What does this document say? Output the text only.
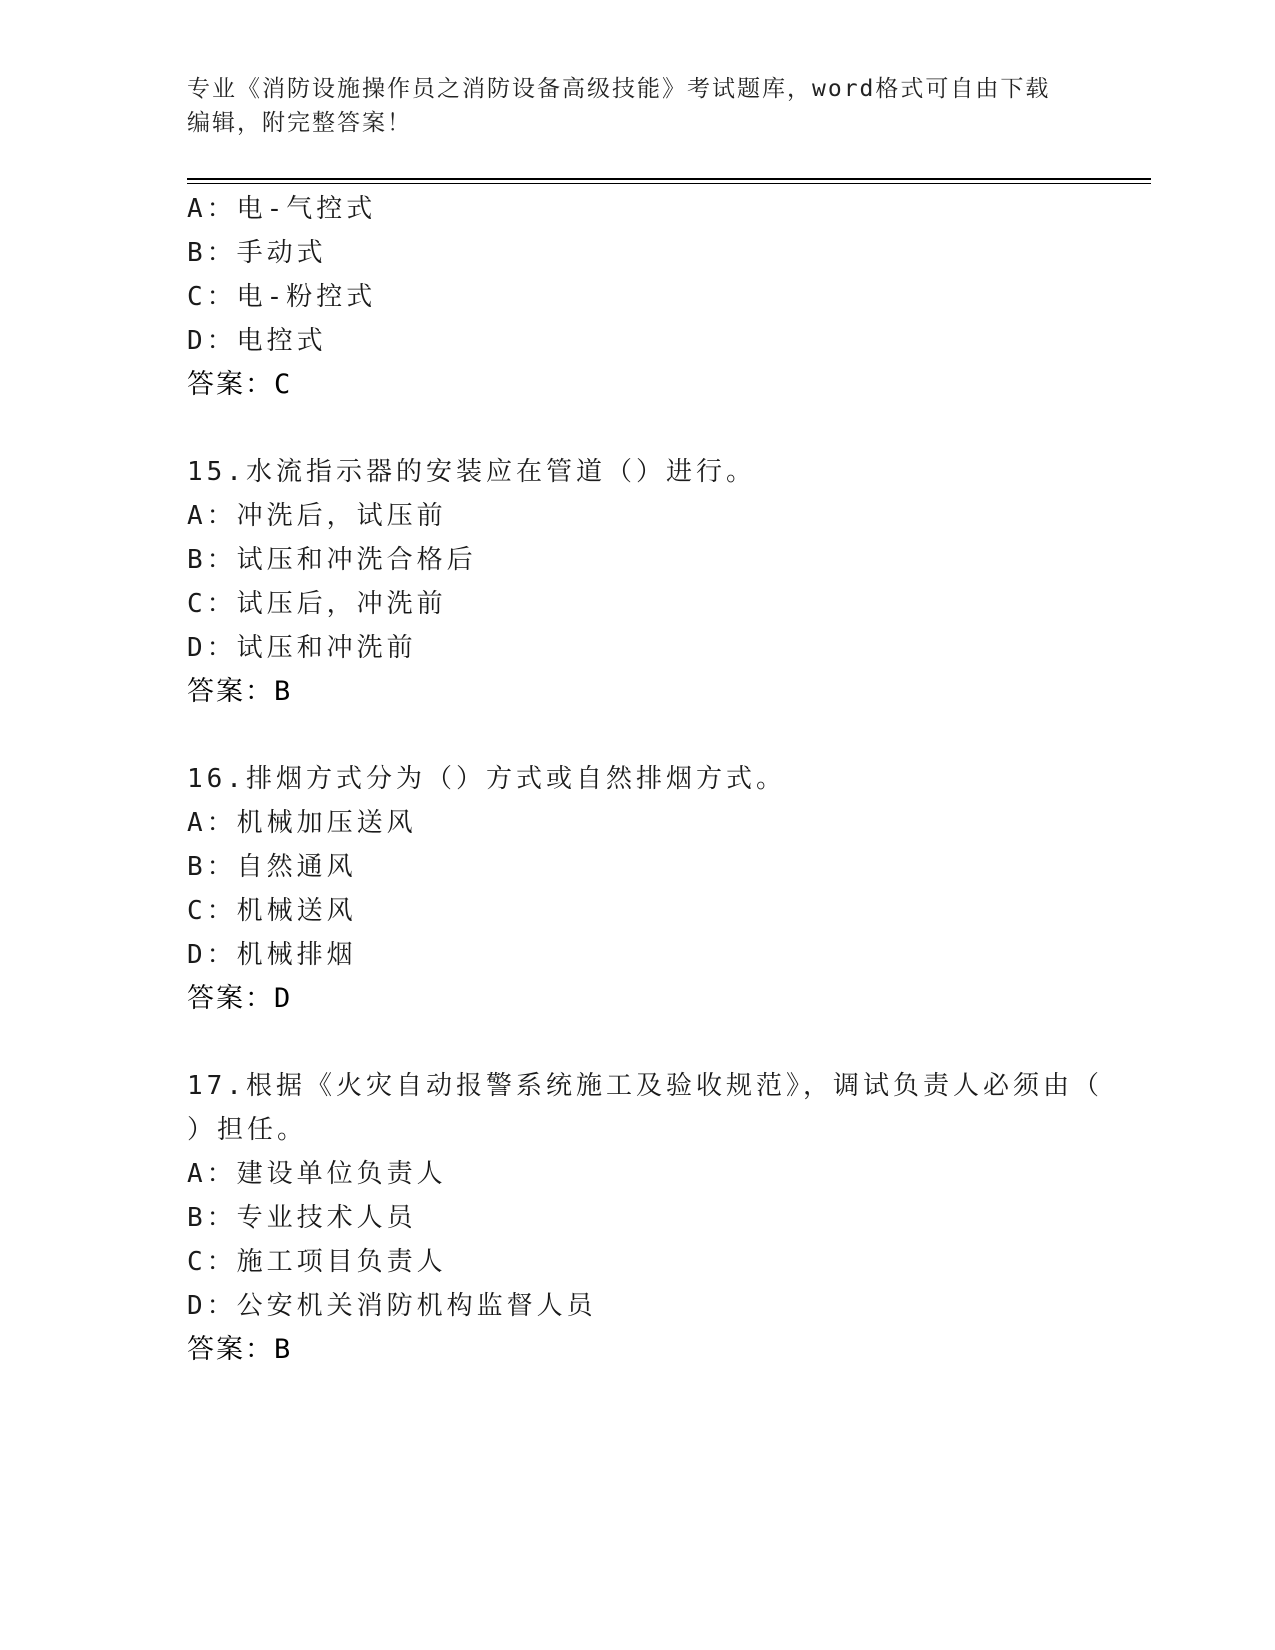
专业《消防设施操作员之消防设备高级技能》考试题库，word格式可自由下载编辑，附完整答案！
A：电-气控式
B：手动式
C：电-粉控式
D：电控式
答案：C
15.水流指示器的安装应在管道（）进行。
A：冲洗后，试压前
B：试压和冲洗合格后
C：试压后，冲洗前
D：试压和冲洗前
答案：B
16.排烟方式分为（）方式或自然排烟方式。
A：机械加压送风
B：自然通风
C：机械送风
D：机械排烟
答案：D
17.根据《火灾自动报警系统施工及验收规范》，调试负责人必须由（
）担任。
A：建设单位负责人
B：专业技术人员
C：施工项目负责人
D：公安机关消防机构监督人员
答案：B
